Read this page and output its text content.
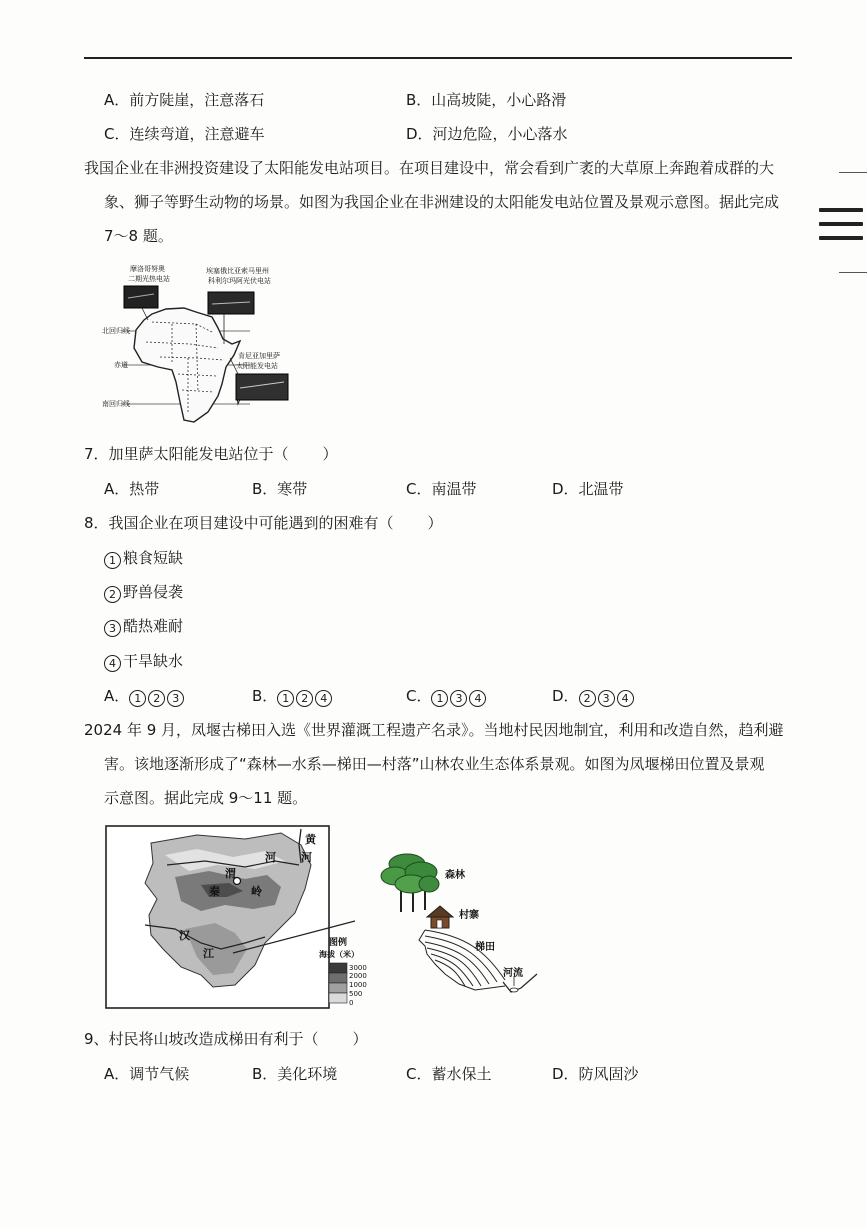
A．前方陡崖，注意落石	B．山高坡陡，小心路滑
C．连续弯道，注意避车	D．河边危险，小心落水
我国企业在非洲投资建设了太阳能发电站项目。在项目建设中，常会看到广袤的大草原上奔跑着成群的大
象、狮子等野生动物的场景。如图为我国企业在非洲建设的太阳能发电站位置及景观示意图。据此完成
7～8 题。
摩洛哥努奥
二期光热电站
埃塞俄比亚索马里州
科利尔玛阿光伏电站
肯尼亚加里萨
太阳能发电站
北回归线
赤道
南回归线
7．加里萨太阳能发电站位于（ ）
A．热带	B．寒带	C．南温带	D．北温带
8．我国企业在项目建设中可能遇到的困难有（ ）
1 粮食短缺
2 野兽侵袭
3 酷热难耐
4 干旱缺水
A． 1 2 3	B． 1 2 4	C． 1 3 4	D． 2 3 4
2024 年 9 月，凤堰古梯田入选《世界灌溉工程遗产名录》。当地村民因地制宜，利用和改造自然，趋利避
害。该地逐渐形成了“森林—水系—梯田—村落”山林农业生态体系景观。如图为凤堰梯田位置及景观
示意图。据此完成 9～11 题。
黄
河 河
渭
秦	岭
汉
江
图例
海拔（米）
3000
2000
1000
500
0
森林
村寨
梯田
河流
9、村民将山坡改造成梯田有利于（ ）
A．调节气候	B．美化环境	C．蓄水保土	D．防风固沙
